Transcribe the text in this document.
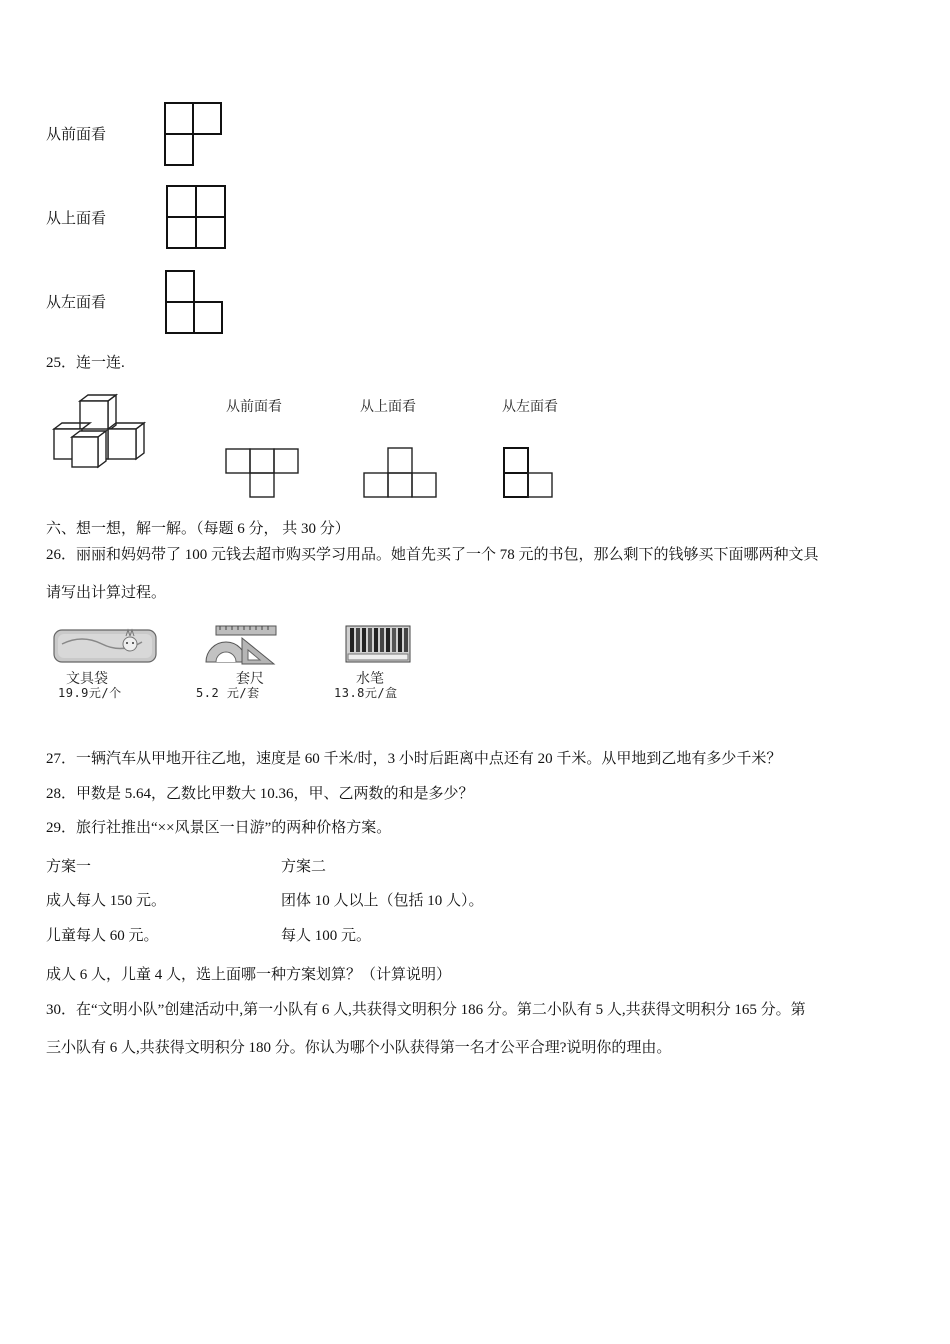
从前面看
从上面看
从左面看
25．连一连.
从前面看	从上面看	从左面看
六、想一想，解一解。（每题 6 分， 共 30 分）
26．丽丽和妈妈带了 100 元钱去超市购买学习用品。她首先买了一个 78 元的书包，那么剩下的钱够买下面哪两种文具
请写出计算过程。
文具袋
19.9元/个
套尺
5.2 元/套
水笔
13.8元/盒
27．一辆汽车从甲地开往乙地，速度是 60 千米/时，3 小时后距离中点还有 20 千米。从甲地到乙地有多少千米？
28．甲数是 5.64，乙数比甲数大 10.36，甲、乙两数的和是多少？
29．旅行社推出“××风景区一日游”的两种价格方案。
方案一	方案二
成人每人 150 元。	团体 10 人以上（包括 10 人）。
儿童每人 60 元。	每人 100 元。
成人 6 人，儿童 4 人，选上面哪一种方案划算？（计算说明）
30．在“文明小队”创建活动中,第一小队有 6 人,共获得文明积分 186 分。第二小队有 5 人,共获得文明积分 165 分。第
三小队有 6 人,共获得文明积分 180 分。你认为哪个小队获得第一名才公平合理?说明你的理由。
